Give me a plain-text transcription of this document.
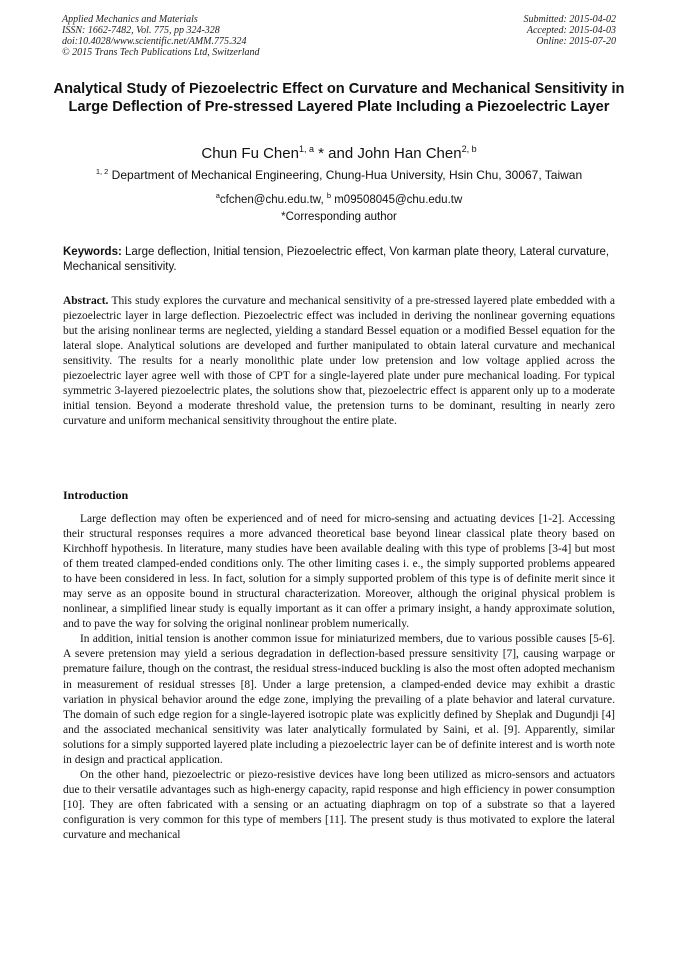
Applied Mechanics and Materials
ISSN: 1662-7482, Vol. 775, pp 324-328
doi:10.4028/www.scientific.net/AMM.775.324
© 2015 Trans Tech Publications Ltd, Switzerland
Submitted: 2015-04-02
Accepted: 2015-04-03
Online: 2015-07-20
Analytical Study of Piezoelectric Effect on Curvature and Mechanical Sensitivity in Large Deflection of Pre-stressed Layered Plate Including a Piezoelectric Layer
Chun Fu Chen$^{1, a}$ * and John Han Chen$^{2, b}$
$^{1, 2}$ Department of Mechanical Engineering, Chung-Hua University, Hsin Chu, 30067, Taiwan
$^a$cfchen@chu.edu.tw, $^b$ m09508045@chu.edu.tw
*Corresponding author
Keywords: Large deflection, Initial tension, Piezoelectric effect, Von karman plate theory, Lateral curvature, Mechanical sensitivity.
Abstract. This study explores the curvature and mechanical sensitivity of a pre-stressed layered plate embedded with a piezoelectric layer in large deflection. Piezoelectric effect was included in deriving the nonlinear governing equations but the arising nonlinear terms are neglected, yielding a standard Bessel equation or a modified Bessel equation for the lateral slope. Analytical solutions are developed and further manipulated to obtain lateral curvature and mechanical sensitivity. The results for a nearly monolithic plate under low pretension and low voltage applied across the piezoelectric layer agree well with those of CPT for a single-layered plate under pure mechanical loading. For typical symmetric 3-layered piezoelectric plates, the solutions show that, piezoelectric effect is apparent only up to a moderate initial tension. Beyond a moderate threshold value, the pretension turns to be dominant, resulting in nearly zero curvature and uniform mechanical sensitivity throughout the entire plate.
Introduction

Large deflection may often be experienced and of need for micro-sensing and actuating devices [1-2]. Accessing their structural responses requires a more advanced theoretical base beyond linear classical plate theory based on Kirchhoff hypothesis. In literature, many studies have been available dealing with this type of problems [3-4] but most of them treated clamped-ended conditions only. The other limiting cases i. e., the simply supported problems appeared to have been considered in less. In fact, solution for a simply supported problem of this type is of definite merit since it may serve as an opposite bound in structural characterization. Moreover, although the original physical problem is nonlinear, a simplified linear study is equally important as it can offer a primary insight, a handy approximate solution, and to pave the way for solving the original nonlinear problem numerically.

In addition, initial tension is another common issue for miniaturized members, due to various possible causes [5-6]. A severe pretension may yield a serious degradation in deflection-based pressure sensitivity [7], causing warpage or premature failure, though on the contrast, the residual stress-induced buckling is also the most often adopted mechanism in measurement of residual stresses [8]. Under a large pretension, a clamped-ended device may exhibit a drastic variation in physical behavior around the edge zone, implying the prevailing of a plate behavior and lateral curvature. The domain of such edge region for a single-layered isotropic plate was explicitly defined by Sheplak and Dugundji [4] and the associated mechanical sensitivity was later analytically formulated by Saini, et al. [9]. Apparently, similar solutions for a simply supported layered plate including a piezoelectric layer can be of definite interest and is worth note in design and practical application.

On the other hand, piezoelectric or piezo-resistive devices have long been utilized as micro-sensors and actuators due to their versatile advantages such as high-energy capacity, rapid response and high efficiency in power consumption [10]. They are often fabricated with a sensing or an actuating diaphragm on top of a substrate so that a layered configuration is very common for this type of members [11]. The present study is thus motivated to explore the lateral curvature and mechanical
